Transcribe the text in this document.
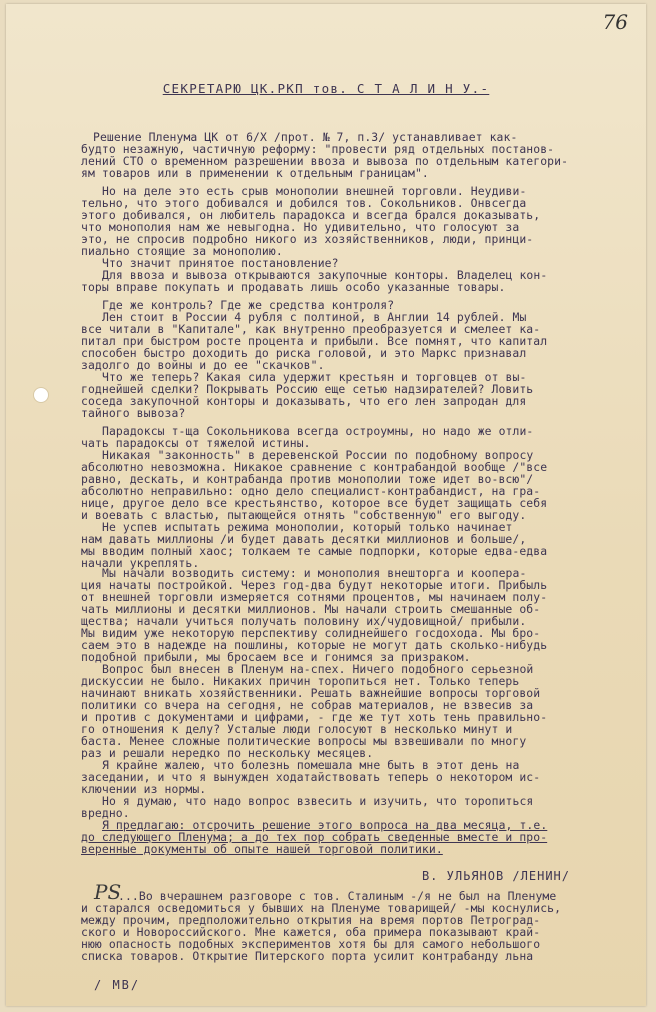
76
СЕКРЕТАРЮ ЦК.РКП тов. С Т А Л И Н У.-
Решение Пленума ЦК от 6/X /прот. № 7, п.3/ устанавливает как-
будто незажную, частичную реформу: "провести ряд отдельных постанов-
лений СТО о временном разрешении ввоза и вывоза по отдельным категори-
ям товаров или в применении к отдельным границам".
Но на деле это есть срыв монополии внешней торговли. Неудиви-
тельно, что этого добивался и добился тов. Сокольников. Онвсегда
этого добивался, он любитель парадокса и всегда брался доказывать,
что монополия нам же невыгодна. Но удивительно, что голосуют за
это, не спросив подробно никого из хозяйственников, люди, принци-
пиально стоящие за монополию.
Что значит принятое постановление?
Для ввоза и вывоза открываются закупочные конторы. Владелец кон-
торы вправе покупать и продавать лишь особо указанные товары.
Где же контроль? Где же средства контроля?
Лен стоит в России 4 рубля с полтиной, в Англии 14 рублей. Мы
все читали в "Капитале", как внутренно преобразуется и смелеет ка-
питал при быстром росте процента и прибыли. Все помнят, что капитал
способен быстро доходить до риска головой, и это Маркс признавал
задолго до войны и до ее "скачков".
Что же теперь? Какая сила удержит крестьян и торговцев от вы-
годнейшей сделки? Покрывать Россию еще сетью надзирателей? Ловить
соседа закупочной конторы и доказывать, что его лен запродан для
тайного вывоза?
Парадоксы т-ща Сокольникова всегда остроумны, но надо же отли-
чать парадоксы от тяжелой истины.
Никакая "законность" в деревенской России по подобному вопросу
абсолютно невозможна. Никакое сравнение с контрабандой вообще /"все
равно, дескать, и контрабанда против монополии тоже идет во-всю"/
абсолютно неправильно: одно дело специалист-контрабандист, на гра-
нице, другое дело все крестьянство, которое все будет защищать себя
и воевать с властью, пытающейся отнять "собственную" его выгоду.
Не успев испытать режима монополии, который только начинает
нам давать миллионы /и будет давать десятки миллионов и больше/,
мы вводим полный хаос; толкаем те самые подпорки, которые едва-едва
начали укреплять.
Мы начали возводить систему: и монополия внешторга и коопера-
ция начаты постройкой. Через год-два будут некоторые итоги. Прибыль
от внешней торговли измеряется сотнями процентов, мы начинаем полу-
чать миллионы и десятки миллионов. Мы начали строить смешанные об-
щества; начали учиться получать половину их/чудовищной/ прибыли.
Мы видим уже некоторую перспективу солиднейшего госдохода. Мы бро-
саем это в надежде на пошлины, которые не могут дать сколько-нибудь
подобной прибыли, мы бросаем все и гонимся за призраком.
Вопрос был внесен в Пленум на-спех. Ничего подобного серьезной
дискуссии не было. Никаких причин торопиться нет. Только теперь
начинают вникать хозяйственники. Решать важнейшие вопросы торговой
политики со вчера на сегодня, не собрав материалов, не взвесив за
и против с документами и цифрами, - где же тут хоть тень правильно-
го отношения к делу? Усталые люди голосуют в несколько минут и
баста. Менее сложные политические вопросы мы взвешивали по многу
раз и решали нередко по нескольку месяцев.
Я крайне жалею, что болезнь помешала мне быть в этот день на
заседании, и что я вынужден ходатайствовать теперь о некотором ис-
ключении из нормы.
Но я думаю, что надо вопрос взвесить и изучить, что торопиться
вредно.
Я предлагаю: отсрочить решение этого вопроса на два месяца, т.е.
до следующего Пленума; а до тех пор собрать сведенные вместе и про-
веренные документы об опыте нашей торговой политики.
В. УЛЬЯНОВ /ЛЕНИН/
PS
...Во вчерашнем разговоре с тов. Сталиным -/я не был на Пленуме
и старался осведомиться у бывших на Пленуме товарищей/ -мы коснулись,
между прочим, предположительно открытия на время портов Петроград-
ского и Новороссийского. Мне кажется, оба примера показывают край-
нюю опасность подобных экспериментов хотя бы для самого небольшого
списка товаров. Открытие Питерского порта усилит контрабанду льна
/ МВ/
